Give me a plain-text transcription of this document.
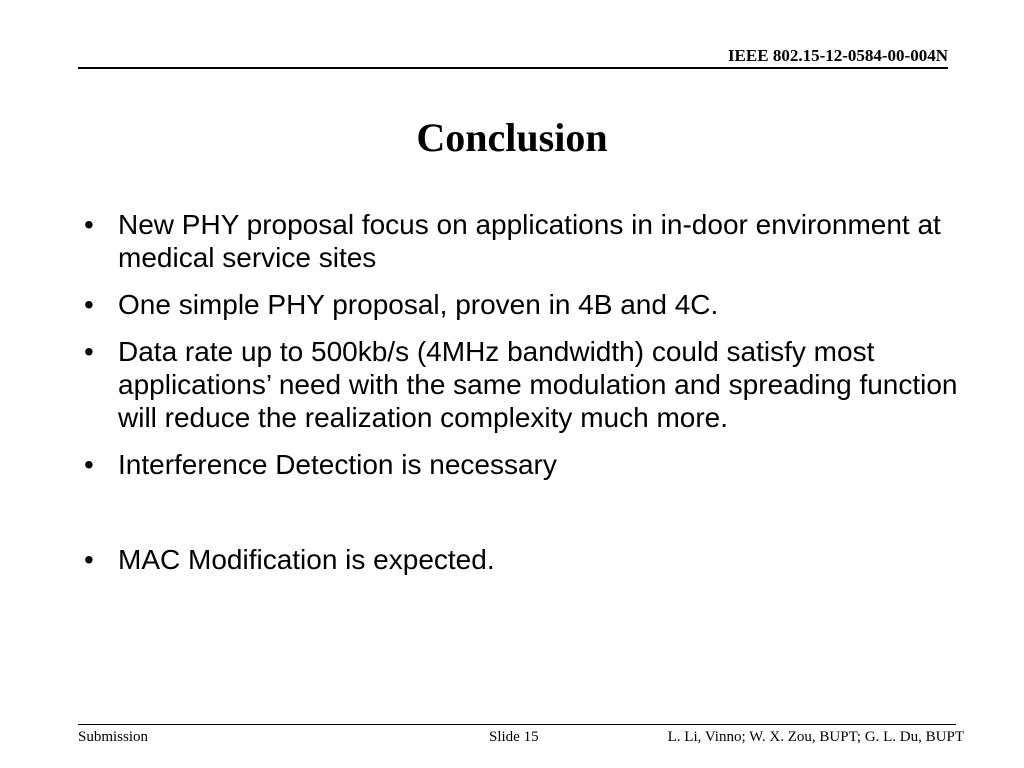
IEEE 802.15-12-0584-00-004N
Conclusion
• New PHY proposal focus on applications in in-door environment at medical service sites
• One simple PHY proposal, proven in 4B and 4C.
• Data rate up to 500kb/s (4MHz bandwidth) could satisfy most applications’ need with the same modulation and spreading function will reduce the realization complexity much more.
• Interference Detection is necessary
• MAC Modification is expected.
Submission	Slide 15	L. Li, Vinno; W. X. Zou, BUPT; G. L. Du, BUPT
